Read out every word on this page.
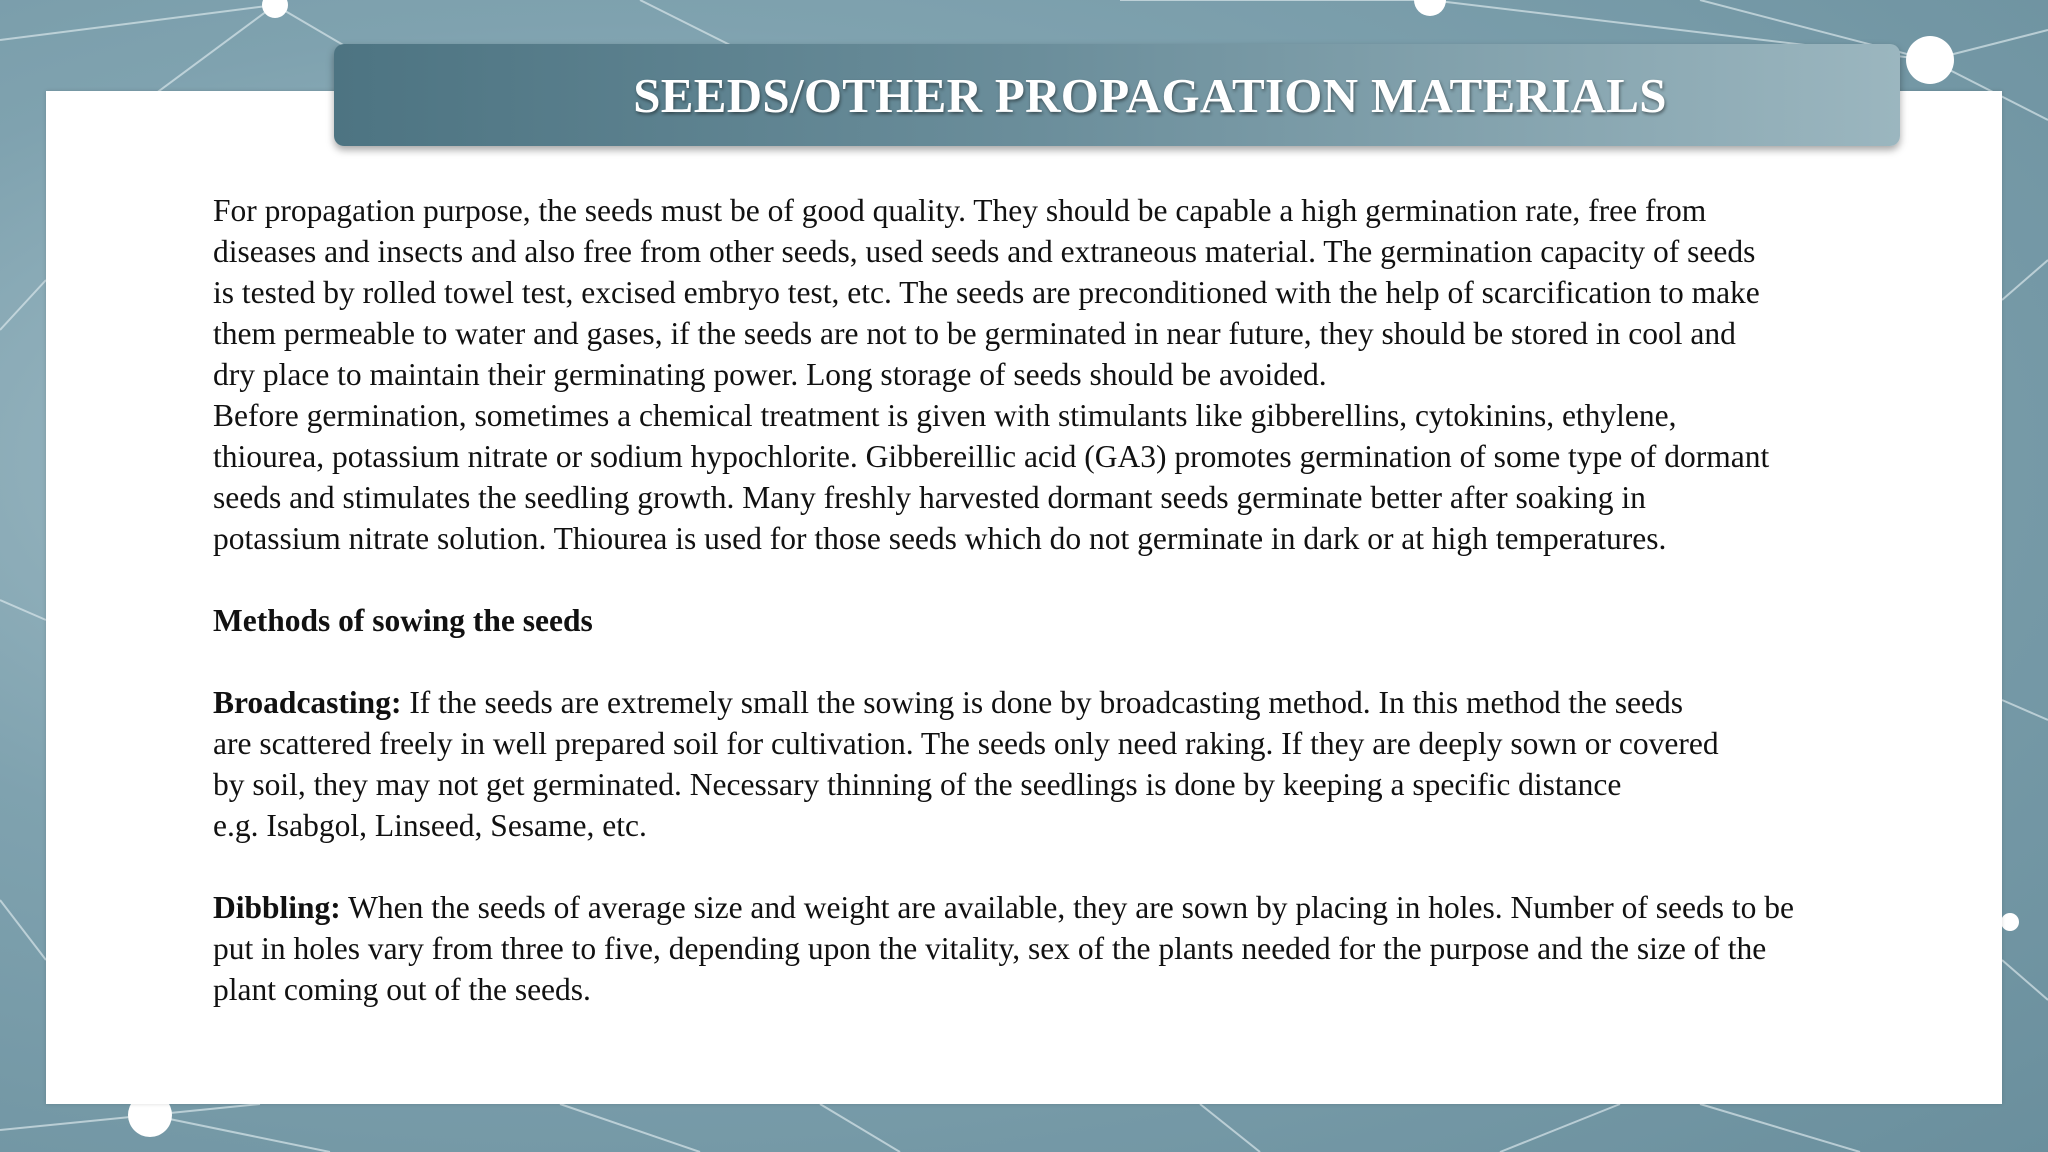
SEEDS/OTHER PROPAGATION MATERIALS

For propagation purpose, the seeds must be of good quality. They should be capable a high germination rate, free from

diseases and insects and also free from other seeds, used seeds and extraneous material. The germination capacity of seeds

is tested by rolled towel test, excised embryo test, etc. The seeds are preconditioned with the help of scarcification to make

them permeable to water and gases, if the seeds are not to be germinated in near future, they should be stored in cool and

dry place to maintain their germinating power. Long storage of seeds should be avoided.

Before germination, sometimes a chemical treatment is given with stimulants like gibberellins, cytokinins, ethylene,

thiourea, potassium nitrate or sodium hypochlorite. Gibbereillic acid (GA3) promotes germination of some type of dormant

seeds and stimulates the seedling growth. Many freshly harvested dormant seeds germinate better after soaking in

potassium nitrate solution. Thiourea is used for those seeds which do not germinate in dark or at high temperatures.

Methods of sowing the seeds

Broadcasting: If the seeds are extremely small the sowing is done by broadcasting method. In this method the seeds

are scattered freely in well prepared soil for cultivation. The seeds only need raking. If they are deeply sown or covered

by soil, they may not get germinated. Necessary thinning of the seedlings is done by keeping a specific distance

e.g. Isabgol, Linseed, Sesame, etc.

Dibbling: When the seeds of average size and weight are available, they are sown by placing in holes. Number of seeds to be

put in holes vary from three to five, depending upon the vitality, sex of the plants needed for the purpose and the size of the

plant coming out of the seeds.
